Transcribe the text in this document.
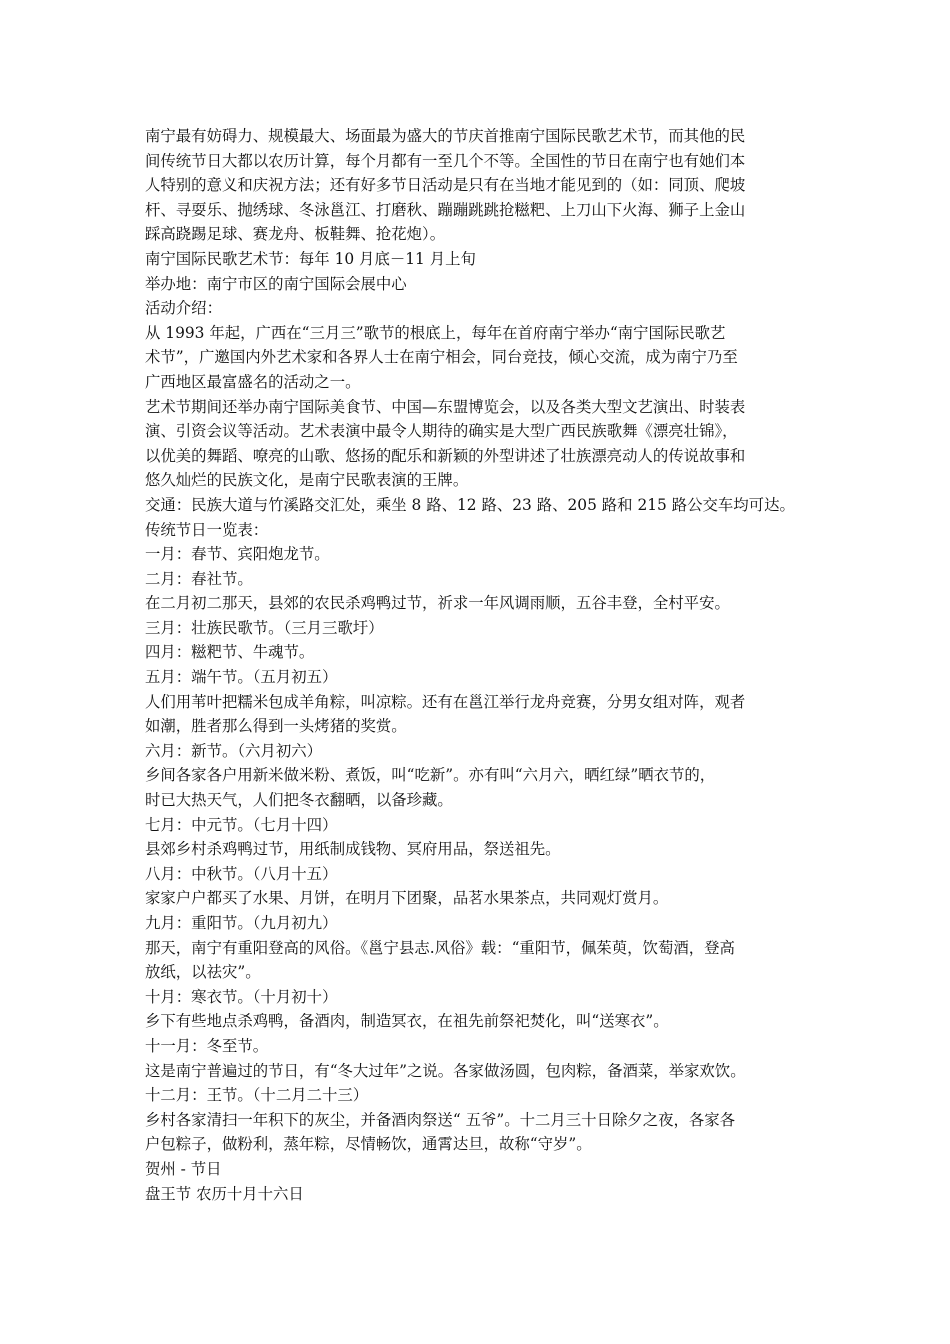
南宁最有妨碍力、规模最大、场面最为盛大的节庆首推南宁国际民歌艺术节，而其他的民
间传统节日大都以农历计算，每个月都有一至几个不等。全国性的节日在南宁也有她们本
人特别的意义和庆祝方法；还有好多节日活动是只有在当地才能见到的（如：同顶、爬坡
杆、寻耍乐、抛绣球、冬泳邕江、打磨秋、蹦蹦跳跳抢糍粑、上刀山下火海、狮子上金山
踩高跷踢足球、赛龙舟、板鞋舞、抢花炮）。
南宁国际民歌艺术节：每年 10 月底－11 月上旬
举办地：南宁市区的南宁国际会展中心
活动介绍：
从 1993 年起，广西在“三月三”歌节的根底上，每年在首府南宁举办“南宁国际民歌艺
术节”，广邀国内外艺术家和各界人士在南宁相会，同台竞技，倾心交流，成为南宁乃至
广西地区最富盛名的活动之一。
艺术节期间还举办南宁国际美食节、中国—东盟博览会，以及各类大型文艺演出、时装表
演、引资会议等活动。艺术表演中最令人期待的确实是大型广西民族歌舞《漂亮壮锦》，
以优美的舞蹈、嘹亮的山歌、悠扬的配乐和新颖的外型讲述了壮族漂亮动人的传说故事和
悠久灿烂的民族文化，是南宁民歌表演的王牌。
交通：民族大道与竹溪路交汇处，乘坐 8 路、12 路、23 路、205 路和 215 路公交车均可达。
传统节日一览表：
一月：春节、宾阳炮龙节。
二月：春社节。
在二月初二那天，县郊的农民杀鸡鸭过节，祈求一年风调雨顺，五谷丰登，全村平安。
三月：壮族民歌节。（三月三歌圩）
四月：糍粑节、牛魂节。
五月：端午节。（五月初五）
人们用苇叶把糯米包成羊角粽，叫凉粽。还有在邕江举行龙舟竞赛，分男女组对阵，观者
如潮，胜者那么得到一头烤猪的奖赏。
六月：新节。（六月初六）
乡间各家各户用新米做米粉、煮饭，叫“吃新”。亦有叫“六月六，晒红绿”晒衣节的，
时已大热天气，人们把冬衣翻晒，以备珍藏。
七月：中元节。（七月十四）
县郊乡村杀鸡鸭过节，用纸制成钱物、冥府用品，祭送祖先。
八月：中秋节。（八月十五）
家家户户都买了水果、月饼，在明月下团聚，品茗水果茶点，共同观灯赏月。
九月：重阳节。（九月初九）
那天，南宁有重阳登高的风俗。《邕宁县志.风俗》载：“重阳节，佩茱萸，饮萄酒，登高
放纸，以祛灾”。
十月：寒衣节。（十月初十）
乡下有些地点杀鸡鸭，备酒肉，制造冥衣，在祖先前祭祀焚化，叫“送寒衣”。
十一月：冬至节。
这是南宁普遍过的节日，有“冬大过年”之说。各家做汤圆，包肉粽，备酒菜，举家欢饮。
十二月：王节。（十二月二十三）
乡村各家清扫一年积下的灰尘，并备酒肉祭送“ 五爷”。十二月三十日除夕之夜，各家各
户包粽子，做粉利，蒸年粽，尽情畅饮，通霄达旦，故称“守岁”。
贺州 - 节日
盘王节 农历十月十六日
